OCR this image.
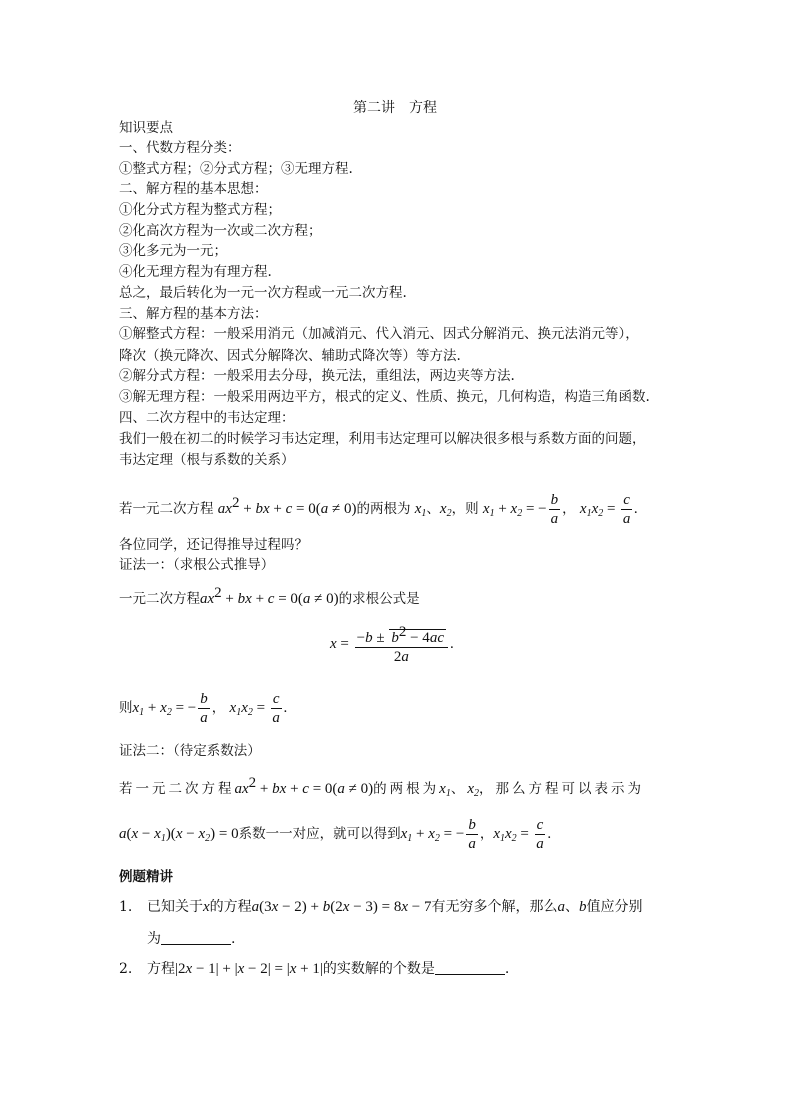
第二讲　方程
知识要点
一、代数方程分类：
①整式方程；②分式方程；③无理方程.
二、解方程的基本思想：
①化分式方程为整式方程；
②化高次方程为一次或二次方程；
③化多元为一元；
④化无理方程为有理方程.
总之，最后转化为一元一次方程或一元二次方程.
三、解方程的基本方法：
①解整式方程：一般采用消元（加减消元、代入消元、因式分解消元、换元法消元等），
降次（换元降次、因式分解降次、辅助式降次等）等方法.
②解分式方程：一般采用去分母，换元法，重组法，两边夹等方法.
③解无理方程：一般采用两边平方，根式的定义、性质、换元，几何构造，构造三角函数.
四、二次方程中的韦达定理：
我们一般在初二的时候学习韦达定理，利用韦达定理可以解决很多根与系数方面的问题，
韦达定理（根与系数的关系）
若一元二次方程 $ax^2$ + bx + c = 0(a ≠ 0)的两根为 $x_1$、$x_2$，则 $x_1 + x_2$ = − $\frac{b}{a}$ ， $x_1x_2 = \frac{c}{a}$ .
各位同学，还记得推导过程吗？
证法一：（求根公式推导）
一元二次方程$ax^2$ + bx + c = 0(a ≠ 0)的求根公式是
$x = \frac{-b \pm b^2 - 4ac}{2a}$ .
则$x_1 + x_2$ = − $\frac{b}{a}$ ， $x_1x_2 = \frac{c}{a}$ .
证法二：（待定系数法）
若一元二次方程$ax^2$ + bx + c = 0(a ≠ 0)的两根为$x_1$、$x_2$，那么方程可以表示为
$a(x - x_1)(x - x_2) = 0$系数一一对应，就可以得到$x_1 + x_2$ = − $\frac{b}{a}$ ，$x_1x_2 = \frac{c}{a}$ .
例题精讲
1. 已知关于x的方程a(3x − 2) + b(2x − 3) = 8x − 7有无穷多个解，那么a、b值应分别
为	.
2. 方程|2x − 1| + |x − 2| = |x + 1|的实数解的个数是	.
